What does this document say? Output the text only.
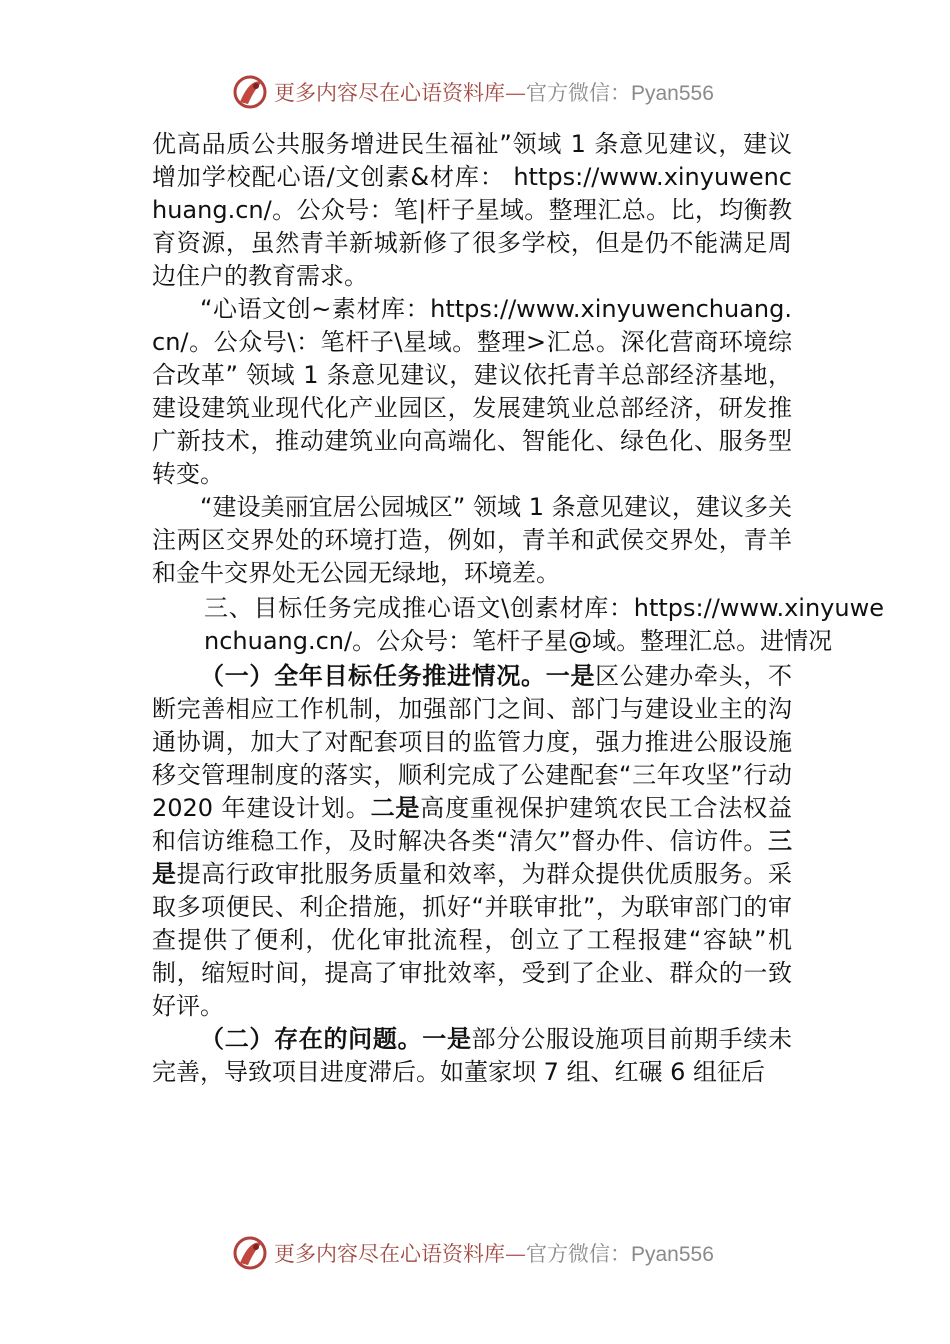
更多内容尽在心语资料库—官方微信：Pyan556

优高品质公共服务增进民生福祉”领域 1 条意见建议，建议增加学校配心语/文创素&材库： https://www.xinyuwenchuang.cn/。公众号：笔|杆子星域。整理汇总。比，均衡教育资源，虽然青羊新城新修了很多学校，但是仍不能满足周边住户的教育需求。

“心语文创~素材库：https://www.xinyuwenchuang.cn/。公众号\：笔杆子\星域。整理>汇总。深化营商环境综合改革” 领域 1 条意见建议，建议依托青羊总部经济基地，建设建筑业现代化产业园区，发展建筑业总部经济，研发推广新技术，推动建筑业向高端化、智能化、绿色化、服务型转变。

“建设美丽宜居公园城区” 领域 1 条意见建议，建议多关注两区交界处的环境打造，例如，青羊和武侯交界处，青羊和金牛交界处无公园无绿地，环境差。

三、目标任务完成推心语文\创素材库：https://www.xinyuwenchuang.cn/。公众号：笔杆子星@域。整理汇总。进情况

（一）全年目标任务推进情况。一是区公建办牵头，不断完善相应工作机制，加强部门之间、部门与建设业主的沟通协调，加大了对配套项目的监管力度，强力推进公服设施移交管理制度的落实，顺利完成了公建配套“三年攻坚”行动 2020 年建设计划。二是高度重视保护建筑农民工合法权益和信访维稳工作，及时解决各类“清欠”督办件、信访件。三是提高行政审批服务质量和效率，为群众提供优质服务。采取多项便民、利企措施，抓好“并联审批”，为联审部门的审查提供了便利，优化审批流程，创立了工程报建“容缺”机制，缩短时间，提高了审批效率，受到了企业、群众的一致好评。

（二）存在的问题。一是部分公服设施项目前期手续未完善，导致项目进度滞后。如董家坝 7 组、红碾 6 组征后

更多内容尽在心语资料库—官方微信：Pyan556
